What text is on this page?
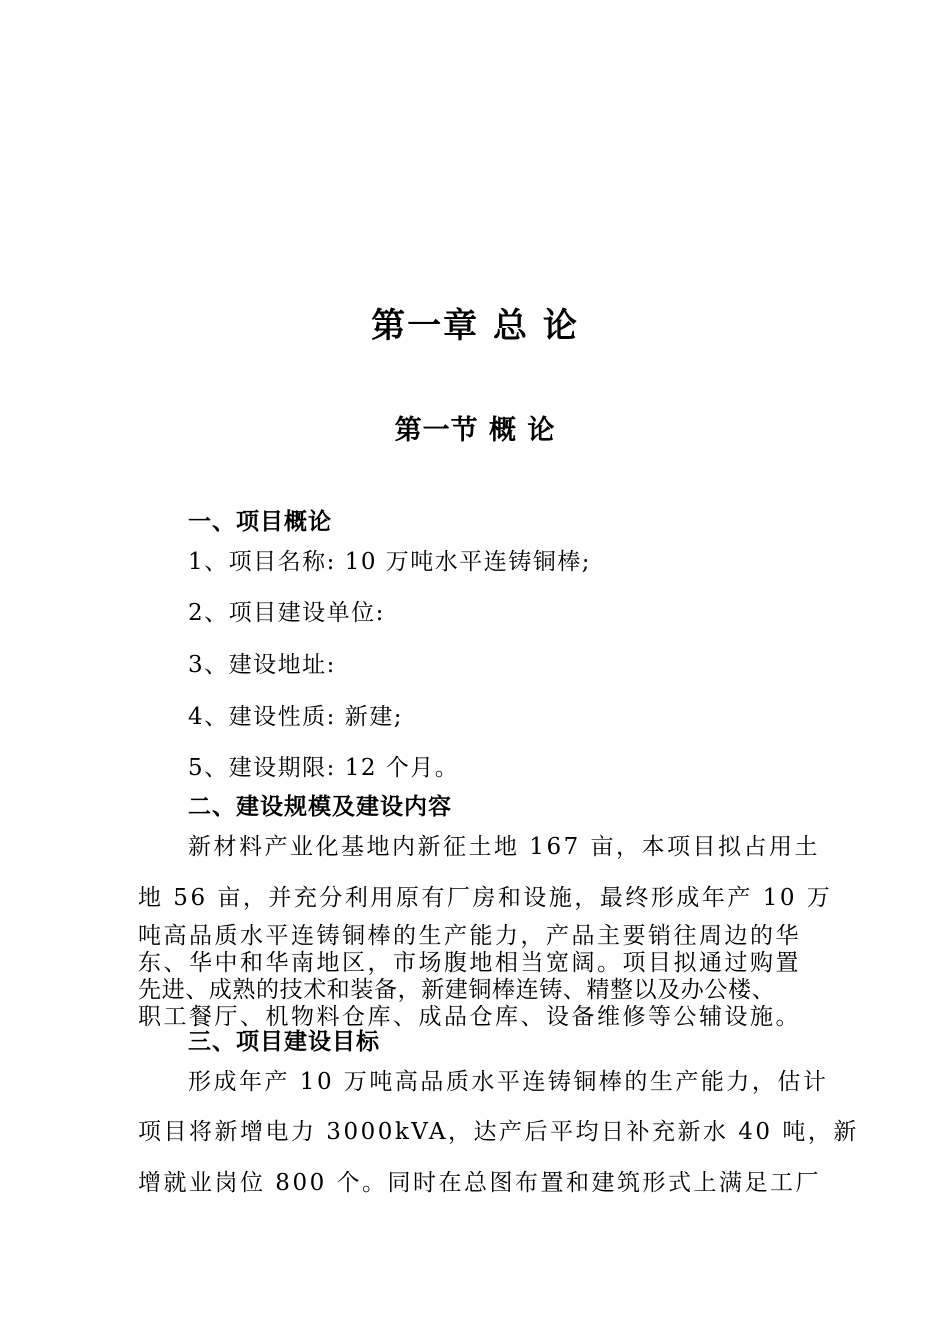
第一章 总 论
第一节 概 论
一、项目概论
1、项目名称: 10 万吨水平连铸铜棒;
2、项目建设单位:
3、建设地址:
4、建设性质: 新建;
5、建设期限: 12 个月。
二、建设规模及建设内容
新材料产业化基地内新征土地 167 亩，本项目拟占用土
地 56 亩，并充分利用原有厂房和设施，最终形成年产 10 万
吨高品质水平连铸铜棒的生产能力，产品主要销往周边的华
东、华中和华南地区，市场腹地相当宽阔。项目拟通过购置
先进、成熟的技术和装备，新建铜棒连铸、精整以及办公楼、
职工餐厅、机物料仓库、成品仓库、设备维修等公辅设施。
三、项目建设目标
形成年产 10 万吨高品质水平连铸铜棒的生产能力，估计
项目将新增电力 3000kVA，达产后平均日补充新水 40 吨，新
增就业岗位 800 个。同时在总图布置和建筑形式上满足工厂
